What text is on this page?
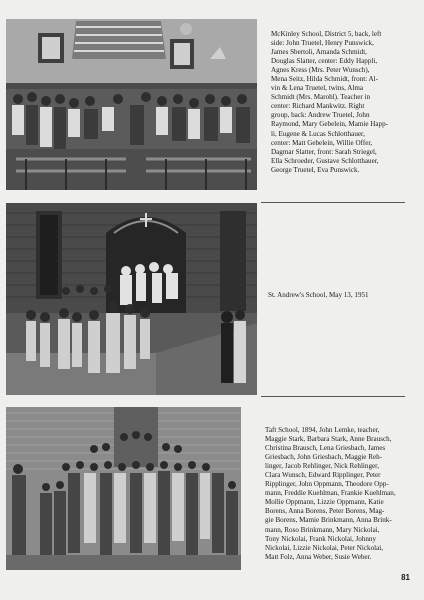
McKinley School, District 5, back, left
side: John Truetel, Henry Punswick,
James Sbertoli, Amanda Schmidt,
Douglas Slatter, center: Eddy Happli,
Agnes Kress (Mrs. Peter Wunsch),
Mena Seitz, Hilda Schmidt, front: Al-
vin & Lena Truetel, twins, Alma
Schmidt (Mrs. Marohl). Teacher in
center: Richard Mankwitz. Right
group, back: Andrew Truetel, John
Raymond, Mary Gebelein, Mamie Happ-
li, Eugene & Lucas Schlotthauer,
center: Matt Gebelein, Willie Offer,
Dagmar Slatter, front: Sarah Striegel,
Ella Schroeder, Gustave Schlotthauer,
George Truetel, Eva Punswick.
St. Andrew's School, May 13, 1951
Taft School, 1894, John Lemke, teacher,
Maggie Stark, Barbara Stark, Anne Brausch,
Christina Brausch, Lena Griesbach, James
Griesbach, John Griesbach, Maggie Reh-
linger, Jacob Rehlinger, Nick Rehlinger,
Clara Wunsch, Edward Ripplinger, Peter
Ripplinger, John Oppmann, Theodore Opp-
mann, Freddie Kuehlman, Frankie Kuehlman,
Mollie Oppmann, Lizzie Oppmann, Katie
Borens, Anna Borens, Peter Borens, Mag-
gie Borens, Mamie Brinkmann, Anna Brink-
mann, Roso Brinkmann, Mary Nickolai,
Tony Nickolai, Frank Nickolai, Johnny
Nickolai, Lizzie Nickolai, Peter Nickolai,
Matt Folz, Anna Weber, Susie Weber.
81
